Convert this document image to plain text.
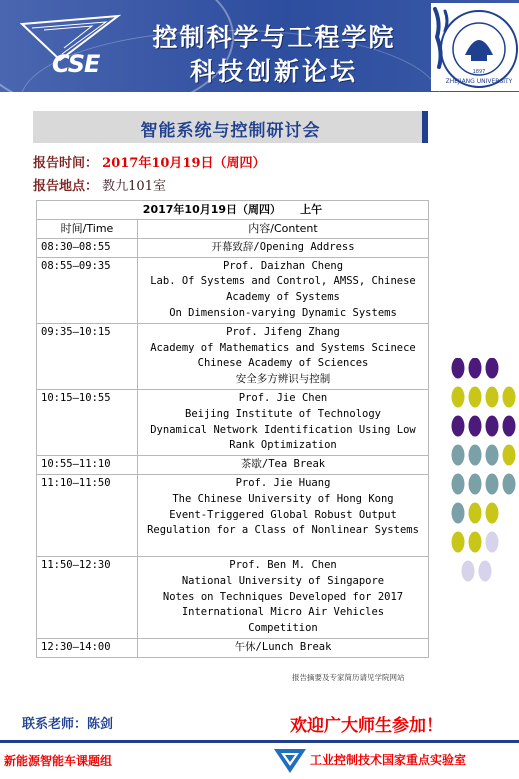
CSE
控制科学与工程学院
科技创新论坛	ZHEJIANG UNIVERSITY
1897
智能系统与控制研讨会
报告时间： 2017年10月19日（周四）
报告地点： 教九101室
2017年10月19日（周四）     上午	
时间/Time	内容/Content
08:30—08:55	开幕致辞/Opening Address

08:55—09:35	Prof. Daizhan Cheng
Lab. Of Systems and Control, AMSS, Chinese
Academy of Systems
On Dimension-varying Dynamic Systems

09:35—10:15	Prof. Jifeng Zhang
Academy of Mathematics and Systems Scinece
Chinese Academy of Sciences
安全多方辨识与控制

10:15—10:55	Prof. Jie Chen
Beijing Institute of Technology
Dynamical Network Identification Using Low
Rank Optimization

10:55—11:10	茶歇/Tea Break

11:10—11:50	Prof. Jie Huang
The Chinese University of Hong Kong
Event-Triggered Global Robust Output
Regulation for a Class of Nonlinear Systems

11:50—12:30	Prof. Ben M. Chen
National University of Singapore
Notes on Techniques Developed for 2017
International Micro Air Vehicles
Competition

12:30—14:00	午休/Lunch Break
报告摘要及专家简历请见学院网站
联系老师：陈剑	欢迎广大师生参加！
新能源智能车课题组	工业控制技术国家重点实验室
